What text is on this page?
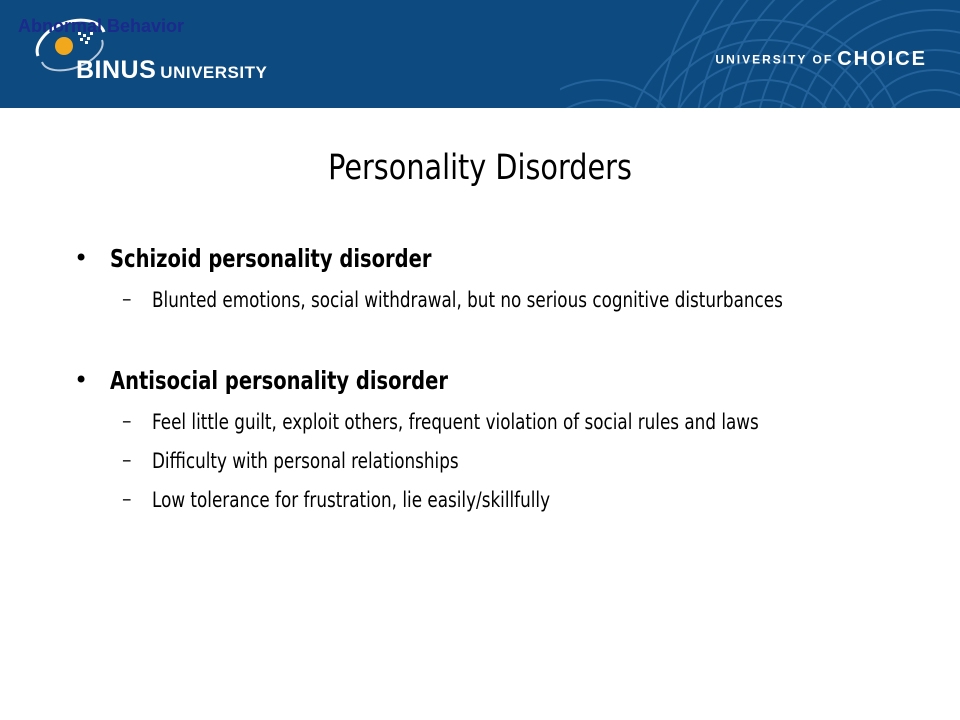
Abnormal Behavior
BINUS UNIVERSITY
UNIVERSITY OF CHOICE
Personality Disorders
• Schizoid personality disorder
– Blunted emotions, social withdrawal, but no serious cognitive disturbances
• Antisocial personality disorder
– Feel little guilt, exploit others, frequent violation of social rules and laws
– Difficulty with personal relationships
– Low tolerance for frustration, lie easily/skillfully
